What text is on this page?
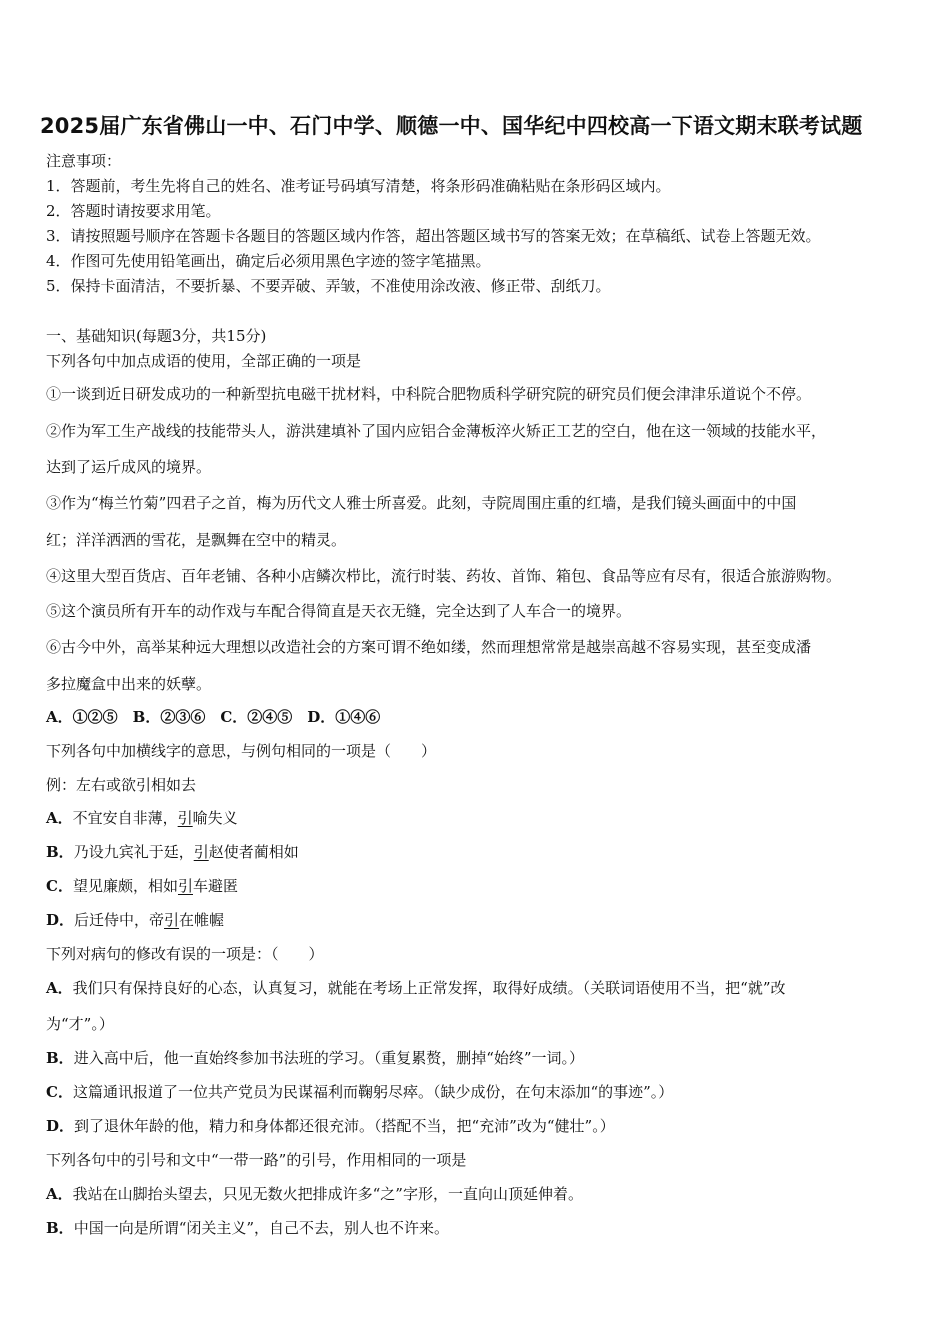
2025届广东省佛山一中、石门中学、顺德一中、国华纪中四校高一下语文期末联考试题
注意事项：
1．答题前，考生先将自己的姓名、准考证号码填写清楚，将条形码准确粘贴在条形码区域内。
2．答题时请按要求用笔。
3．请按照题号顺序在答题卡各题目的答题区域内作答，超出答题区域书写的答案无效；在草稿纸、试卷上答题无效。
4．作图可先使用铅笔画出，确定后必须用黑色字迹的签字笔描黑。
5．保持卡面清洁，不要折暴、不要弄破、弄皱，不准使用涂改液、修正带、刮纸刀。
一、基础知识(每题3分，共15分)
下列各句中加点成语的使用，全部正确的一项是
①一谈到近日研发成功的一种新型抗电磁干扰材料，中科院合肥物质科学研究院的研究员们便会津津乐道说个不停。
②作为军工生产战线的技能带头人，游洪建填补了国内应铝合金薄板淬火矫正工艺的空白，他在这一领域的技能水平，
达到了运斤成风的境界。
③作为“梅兰竹菊”四君子之首，梅为历代文人雅士所喜爱。此刻，寺院周围庄重的红墙，是我们镜头画面中的中国
红；洋洋洒洒的雪花，是飘舞在空中的精灵。
④这里大型百货店、百年老铺、各种小店鳞次栉比，流行时装、药妆、首饰、箱包、食品等应有尽有，很适合旅游购物。
⑤这个演员所有开车的动作戏与车配合得简直是天衣无缝，完全达到了人车合一的境界。
⑥古今中外，高举某种远大理想以改造社会的方案可谓不绝如缕，然而理想常常是越崇高越不容易实现，甚至变成潘
多拉魔盒中出来的妖孽。
A．①②⑤　B．②③⑥　C．②④⑤　D．①④⑥
下列各句中加横线字的意思，与例句相同的一项是（　　）
例：左右或欲引相如去
A．不宜安自非薄，引喻失义
B．乃设九宾礼于廷，引赵使者蔺相如
C．望见廉颇，相如引车避匿
D．后迁侍中，帝引在帷幄
下列对病句的修改有误的一项是：（　　）
A．我们只有保持良好的心态，认真复习，就能在考场上正常发挥，取得好成绩。（关联词语使用不当，把“就”改
为“才”。）
B．进入高中后，他一直始终参加书法班的学习。（重复累赘，删掉“始终”一词。）
C．这篇通讯报道了一位共产党员为民谋福利而鞠躬尽瘁。（缺少成份，在句末添加“的事迹”。）
D．到了退休年龄的他，精力和身体都还很充沛。（搭配不当，把“充沛”改为“健壮”。）
下列各句中的引号和文中“一带一路”的引号，作用相同的一项是
A．我站在山脚抬头望去，只见无数火把排成许多“之”字形，一直向山顶延伸着。
B．中国一向是所谓“闭关主义”，自己不去，别人也不许来。
